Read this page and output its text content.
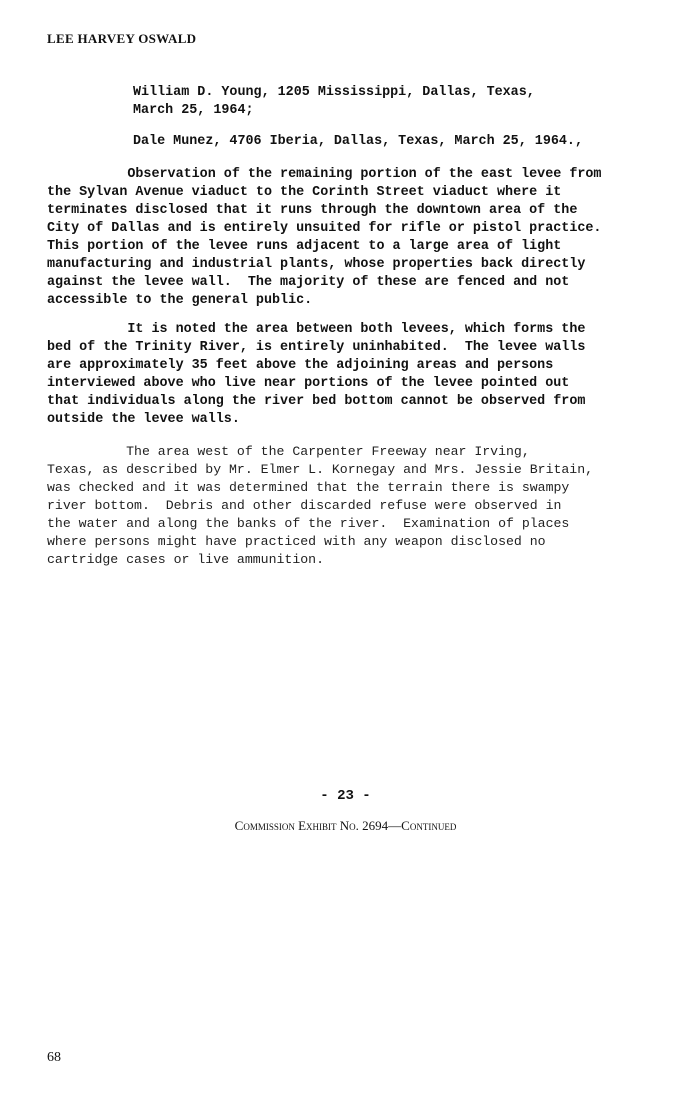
LEE HARVEY OSWALD
William D. Young, 1205 Mississippi, Dallas, Texas,
March 25, 1964;
Dale Munez, 4706 Iberia, Dallas, Texas, March 25, 1964.,
Observation of the remaining portion of the east levee from
the Sylvan Avenue viaduct to the Corinth Street viaduct where it
terminates disclosed that it runs through the downtown area of the
City of Dallas and is entirely unsuited for rifle or pistol practice.
This portion of the levee runs adjacent to a large area of light
manufacturing and industrial plants, whose properties back directly
against the levee wall.  The majority of these are fenced and not
accessible to the general public.
It is noted the area between both levees, which forms the
bed of the Trinity River, is entirely uninhabited.  The levee walls
are approximately 35 feet above the adjoining areas and persons
interviewed above who live near portions of the levee pointed out
that individuals along the river bed bottom cannot be observed from
outside the levee walls.
The area west of the Carpenter Freeway near Irving,
Texas, as described by Mr. Elmer L. Kornegay and Mrs. Jessie Britain,
was checked and it was determined that the terrain there is swampy
river bottom.  Debris and other discarded refuse were observed in
the water and along the banks of the river.  Examination of places
where persons might have practiced with any weapon disclosed no
cartridge cases or live ammunition.
- 23 -
Commission Exhibit No. 2694—Continued
68
